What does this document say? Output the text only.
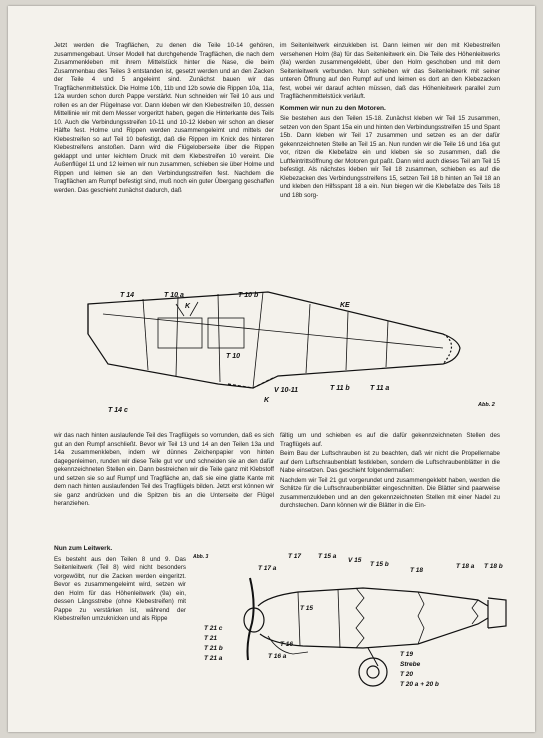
Jetzt werden die Tragflächen, zu denen die Teile 10-14 gehören, zusammengebaut. Unser Modell hat durchgehende Tragflächen, die nach dem Zusammenkleben mit ihrem Mittelstück hinter die Nase, die beim Zusammenbau des Teiles 3 entstanden ist, gesetzt werden und an den Zacken der Teile 4 und 5 angeleimt sind. Zunächst bauen wir das Tragflächenmittelstück. Die Holme 10b, 11b und 12b sowie die Rippen 10a, 11a, 12a wurden schon durch Pappe verstärkt. Nun schneiden wir Teil 10 aus und rollen es an der Flügelnase vor. Dann kleben wir den Klebestreifen 10, dessen Mittellinie wir mit dem Messer vorgeritzt haben, gegen die Hinterkante des Teils 10. Auch die Verbindungsstreifen 10-11 und 10-12 kleben wir schon an dieser Hälfte fest. Holme und Rippen werden zusammengeleimt und mittels der Klebestreifen so auf Teil 10 befestigt, daß die Rippen im Knick des hinteren Klebestreifens anstoßen. Dann wird die Flügeloberseite über die Rippen geklappt und unter leichtem Druck mit dem Klebestreifen 10 vereint. Die Außenflügel 11 und 12 leimen wir nun zusammen, schieben sie über Holme und Rippen und leimen sie an den Verbindungsstreifen fest. Nachdem die Tragflächen am Rumpf befestigt sind, muß noch ein guter Übergang geschaffen werden. Das geschieht zunächst dadurch, daß

im Seitenleitwerk einzukleben ist. Dann leimen wir den mit Klebestreifen versehenen Holm (8a) für das Seitenleitwerk ein. Die Teile des Höhenleitwerks (9a) werden zusammengeklebt, über den Holm geschoben und mit dem Seitenleitwerk verbunden. Nun schieben wir das Seitenleitwerk mit seiner unteren Öffnung auf den Rumpf auf und leimen es dort an den Klebezacken fest, wobei wir darauf achten müssen, daß das Höhenleitwerk parallel zum Tragflächenmittelstück verläuft.

Kommen wir nun zu den Motoren.

Sie bestehen aus den Teilen 15-18. Zunächst kleben wir Teil 15 zusammen, setzen von den Spant 15a ein und hinten den Verbindungsstreifen 15 und Spant 15b. Dann kleben wir Teil 17 zusammen und setzen es an der dafür gekennzeichneten Stelle an Teil 15 an. Nun runden wir die Teile 16 und 16a gut vor, ritzen die Klebefalze ein und kleben sie so zusammen, daß die Luftfeintrittsöffnung der Motoren gut paßt. Dann wird auch dieses Teil am Teil 15 befestigt. Als nächstes kleben wir Teil 18 zusammen, schieben es auf die Klebezacken des Verbindungsstreifens 15, setzen Teil 18 b hinten an Teil 18 an und kleben den Hilfsspant 18 a ein. Nun biegen wir die Klebefalze des Teils 18 und 18b sorg-

T 14	T 10 a
K
T 10 b
T 10
KE
T 14 c
K
V 10-11	T 11 b	T 11 a
Abb. 2

wir das nach hinten auslaufende Teil des Tragflügels so vorrunden, daß es sich gut an den Rumpf anschließt. Bevor wir Teil 13 und 14 an den Teilen 13a und 14a zusammenkleben, indem wir dünnes Zeichenpapier von hinten dagegenleimen, runden wir diese Teile gut vor und schneiden sie an den dafür gekennzeichneten Stellen ein. Dann bestreichen wir die Teile ganz mit Klebstoff und setzen sie so auf Rumpf und Tragfläche an, daß sie eine glatte Kante mit dem nach hinten auslaufenden Teil des Tragflügels bilden. Jetzt erst können wir sie ganz andrücken und die Spitzen bis an die Unterseite der Flügel heranziehen.

fältig um und schieben es auf die dafür gekennzeichneten Stellen des Tragflügels auf.

Beim Bau der Luftschrauben ist zu beachten, daß wir nicht die Propellernabe auf dem Luftschraubenblatt festkleben, sondern die Luftschraubenblätter in die Nabe einsetzen. Das geschieht folgendermaßen:

Nachdem wir Teil 21 gut vorgerundet und zusammengeklebt haben, werden die Schlitze für die Luftschraubenblätter eingeschnitten. Die Blätter sind paarweise zusammenzukleben und an den gekennzeichneten Stellen mit einer Nadel zu durchstechen. Dann können wir die Blätter in die Ein-

Nun zum Leitwerk.

Es besteht aus den Teilen 8 und 9. Das Seitenleitwerk (Teil 8) wird nicht besonders vorgewölbt, nur die Zacken werden eingeritzt. Bevor es zusammengeleimt wird, setzen wir den Holm für das Höhenleitwerk (9a) ein, dessen Längsstrebe (ohne Klebestreifen) mit Pappe zu verstärken ist, während der Klebestreifen umzuknicken und als Rippe

Abb. 3	T 17
T 17 a
T 15 a
V 15
T 15 b
T 18
T 18 a T 18 b
T 15
T 21 c
T 21
T 21 b
T 21 a
T 16
T 16 a	T 19
Strebe
T 20
T 20 a + 20 b
